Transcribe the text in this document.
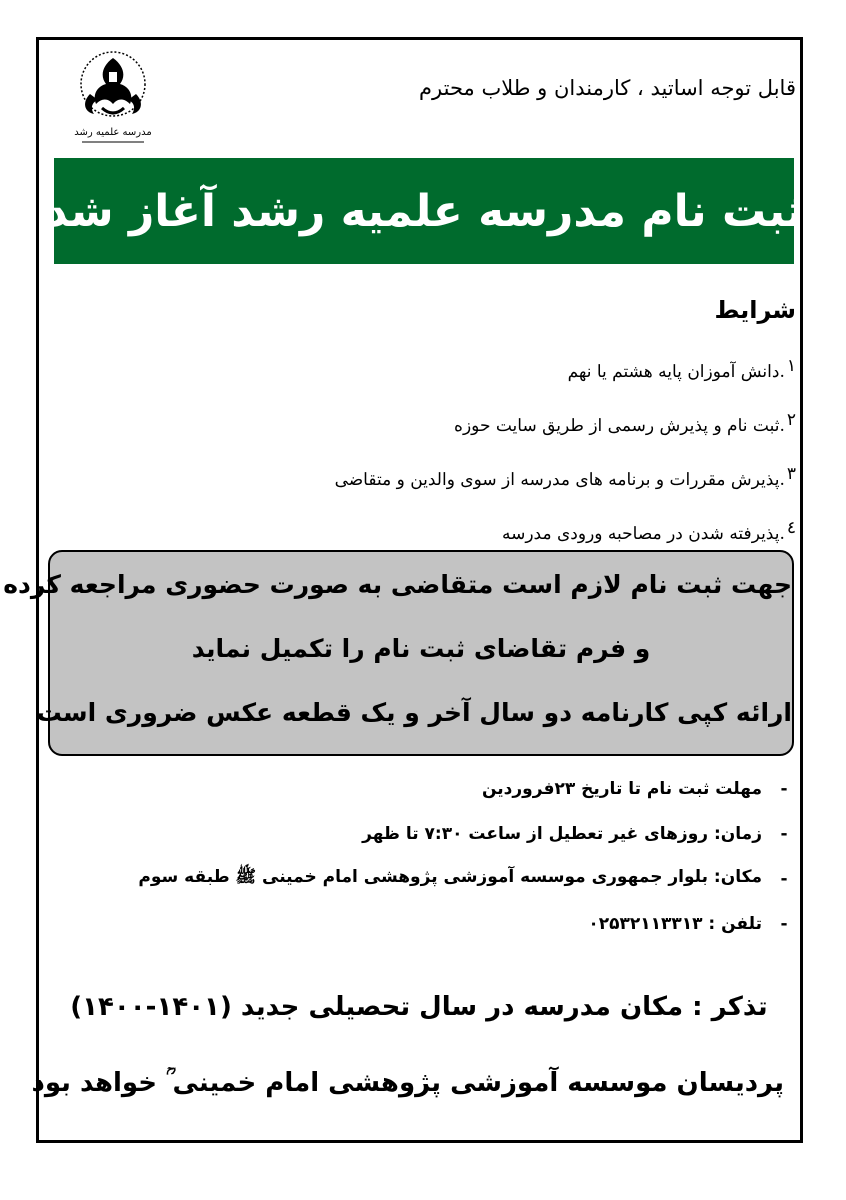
مدرسه علمیه رشد
قابل توجه اساتید ، کارمندان و طلاب محترم
ثبت نام مدرسه علمیه رشد آغاز شد
شرایط
۱
.دانش آموزان پایه هشتم یا نهم
۲
.ثبت نام و پذیرش رسمی از طریق سایت حوزه
۳
.پذیرش مقررات و برنامه های مدرسه از سوی والدین و متقاضی
٤
.پذیرفته شدن در مصاحبه ورودی مدرسه
جهت ثبت نام لازم است متقاضی به صورت حضوری مراجعه کرده
و فرم تقاضای ثبت نام را تکمیل نماید
ارائه کپی کارنامه دو سال آخر و یک قطعه عکس ضروری است
-
مهلت ثبت نام تا تاریخ ۲۳فروردین
-
زمان: روزهای غیر تعطیل از ساعت ۷:۳۰ تا ظهر
-
مکان: بلوار جمهوری موسسه آموزشی پژوهشی امام خمینی ﷺ طبقه سوم
-
تلفن : ۰۲۵۳۲۱۱۳۳۱۳
تذکر : مکان مدرسه در سال تحصیلی جدید (۱۴۰۱-۱۴۰۰)
پردیسان موسسه آموزشی پژوهشی امام خمینی ؒ خواهد بود
